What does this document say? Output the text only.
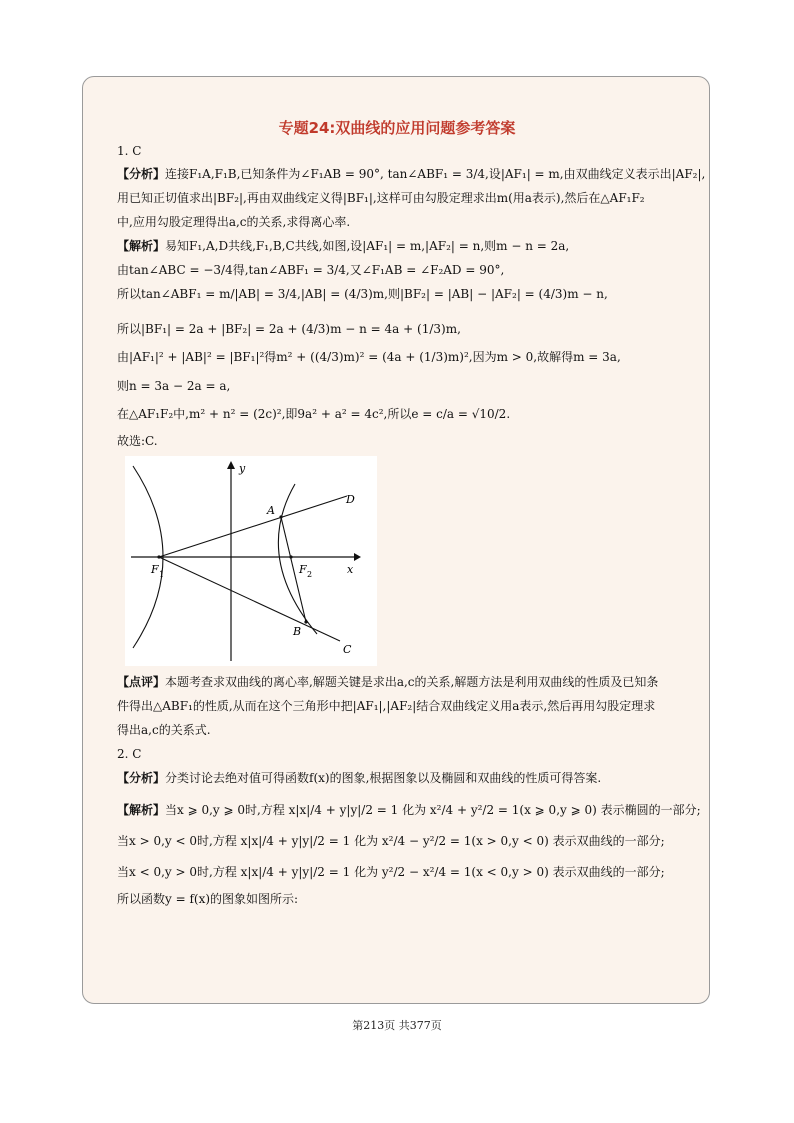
专题24:双曲线的应用问题参考答案

1. C

【分析】连接F₁A,F₁B,已知条件为∠F₁AB = 90°, tan∠ABF₁ = 3/4,设|AF₁| = m,由双曲线定义表示出|AF₂|,

用已知正切值求出|BF₂|,再由双曲线定义得|BF₁|,这样可由勾股定理求出m(用a表示),然后在△AF₁F₂

中,应用勾股定理得出a,c的关系,求得离心率.

【解析】易知F₁,A,D共线,F₁,B,C共线,如图,设|AF₁| = m,|AF₂| = n,则m − n = 2a,

由tan∠ABC = −3/4得,tan∠ABF₁ = 3/4,又∠F₁AB = ∠F₂AD = 90°,

所以tan∠ABF₁ = m/|AB| = 3/4,|AB| = (4/3)m,则|BF₂| = |AB| − |AF₂| = (4/3)m − n,

所以|BF₁| = 2a + |BF₂| = 2a + (4/3)m − n = 4a + (1/3)m,

由|AF₁|² + |AB|² = |BF₁|²得m² + ((4/3)m)² = (4a + (1/3)m)²,因为m > 0,故解得m = 3a,

则n = 3a − 2a = a,

在△AF₁F₂中,m² + n² = (2c)²,即9a² + a² = 4c²,所以e = c/a = √10/2.

故选:C.

y
x
A
B
C
D
F 1	F 2

【点评】本题考查求双曲线的离心率,解题关键是求出a,c的关系,解题方法是利用双曲线的性质及已知条

件得出△ABF₁的性质,从而在这个三角形中把|AF₁|,|AF₂|结合双曲线定义用a表示,然后再用勾股定理求

得出a,c的关系式.

2. C

【分析】分类讨论去绝对值可得函数f(x)的图象,根据图象以及椭圆和双曲线的性质可得答案.

【解析】当x ⩾ 0,y ⩾ 0时,方程 x|x|/4 + y|y|/2 = 1 化为 x²/4 + y²/2 = 1(x ⩾ 0,y ⩾ 0) 表示椭圆的一部分;

当x > 0,y < 0时,方程 x|x|/4 + y|y|/2 = 1 化为 x²/4 − y²/2 = 1(x > 0,y < 0) 表示双曲线的一部分;

当x < 0,y > 0时,方程 x|x|/4 + y|y|/2 = 1 化为 y²/2 − x²/4 = 1(x < 0,y > 0) 表示双曲线的一部分;

所以函数y = f(x)的图象如图所示:

第213页 共377页
